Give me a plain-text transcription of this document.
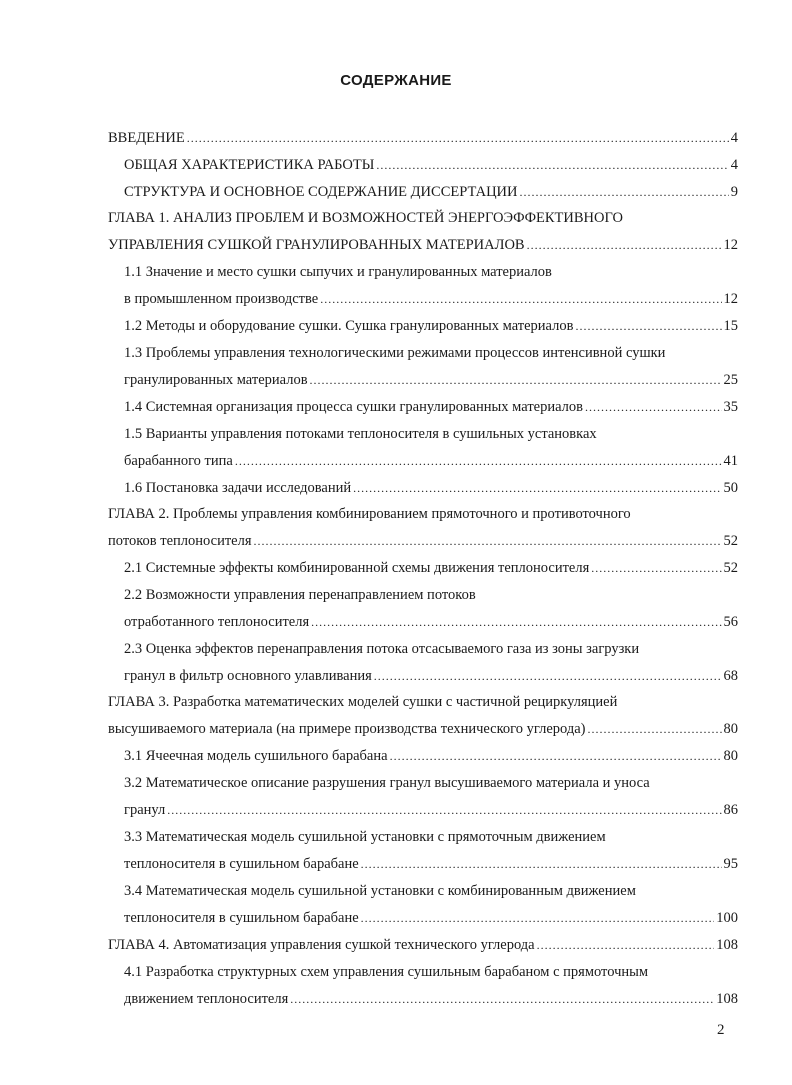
СОДЕРЖАНИЕ
ВВЕДЕНИЕ .....	4
ОБЩАЯ ХАРАКТЕРИСТИКА РАБОТЫ .....	4
СТРУКТУРА И ОСНОВНОЕ СОДЕРЖАНИЕ ДИССЕРТАЦИИ .....	9
ГЛАВА 1. АНАЛИЗ ПРОБЛЕМ И ВОЗМОЖНОСТЕЙ ЭНЕРГОЭФФЕКТИВНОГО
УПРАВЛЕНИЯ СУШКОЙ ГРАНУЛИРОВАННЫХ МАТЕРИАЛОВ .....	12
1.1 Значение и место сушки сыпучих и гранулированных материалов
в промышленном производстве .....	12
1.2 Методы и оборудование сушки. Сушка гранулированных материалов .....	15
1.3 Проблемы управления технологическими режимами процессов интенсивной сушки
гранулированных материалов .....	25
1.4 Системная организация процесса сушки гранулированных материалов .....	35
1.5 Варианты управления потоками теплоносителя в сушильных установках
барабанного типа .....	41
1.6 Постановка задачи исследований .....	50
ГЛАВА 2. Проблемы управления комбинированием прямоточного и противоточного
потоков теплоносителя .....	52
2.1 Системные эффекты комбинированной схемы движения теплоносителя .....	52
2.2 Возможности управления перенаправлением потоков
отработанного теплоносителя .....	56
2.3 Оценка эффектов перенаправления потока отсасываемого газа из зоны загрузки
гранул в фильтр основного улавливания .....	68
ГЛАВА 3. Разработка математических моделей сушки с частичной рециркуляцией
высушиваемого материала (на примере производства технического углерода) .....	80
3.1 Ячеечная модель сушильного барабана .....	80
3.2 Математическое описание разрушения гранул высушиваемого материала и уноса
гранул .....	86
3.3 Математическая модель сушильной установки с прямоточным движением
теплоносителя в сушильном барабане .....	95
3.4 Математическая модель сушильной установки с комбинированным движением
теплоносителя в сушильном барабане .....	100
ГЛАВА 4. Автоматизация управления сушкой технического углерода .....	108
4.1 Разработка структурных схем управления сушильным барабаном с прямоточным
движением теплоносителя .....	108
2
